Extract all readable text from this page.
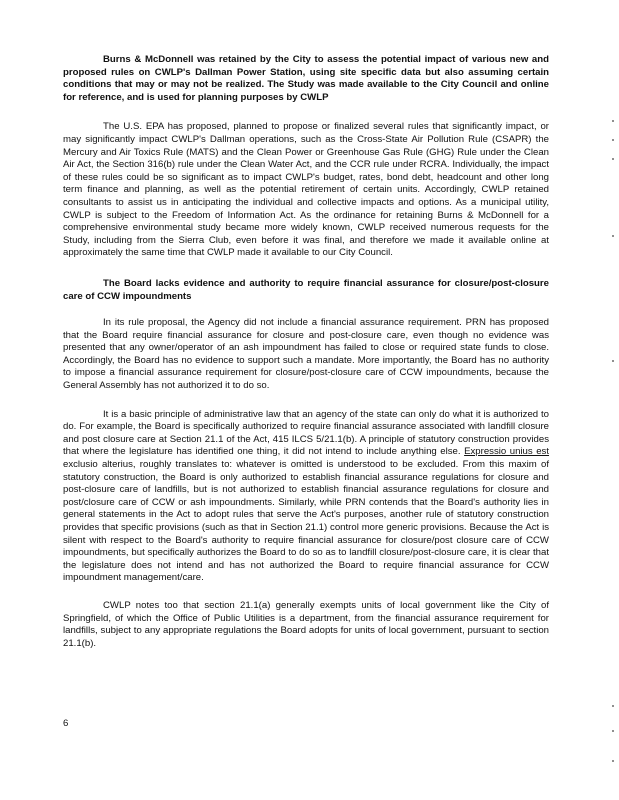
Burns & McDonnell was retained by the City to assess the potential impact of various new and proposed rules on CWLP's Dallman Power Station, using site specific data but also assuming certain conditions that may or may not be realized. The Study was made available to the City Council and online for reference, and is used for planning purposes by CWLP

The U.S. EPA has proposed, planned to propose or finalized several rules that significantly impact, or may significantly impact CWLP's Dallman operations, such as the Cross-State Air Pollution Rule (CSAPR) the Mercury and Air Toxics Rule (MATS) and the Clean Power or Greenhouse Gas Rule (GHG) Rule under the Clean Air Act, the Section 316(b) rule under the Clean Water Act, and the CCR rule under RCRA. Individually, the impact of these rules could be so significant as to impact CWLP's budget, rates, bond debt, headcount and other long term finance and planning, as well as the potential retirement of certain units. Accordingly, CWLP retained consultants to assist us in anticipating the individual and collective impacts and options. As a municipal utility, CWLP is subject to the Freedom of Information Act. As the ordinance for retaining Burns & McDonnell for a comprehensive environmental study became more widely known, CWLP received numerous requests for the Study, including from the Sierra Club, even before it was final, and therefore we made it available online at approximately the same time that CWLP made it available to our City Council.

The Board lacks evidence and authority to require financial assurance for closure/post-closure care of CCW impoundments

In its rule proposal, the Agency did not include a financial assurance requirement. PRN has proposed that the Board require financial assurance for closure and post-closure care, even though no evidence was presented that any owner/operator of an ash impoundment has failed to close or required state funds to close. Accordingly, the Board has no evidence to support such a mandate. More importantly, the Board has no authority to impose a financial assurance requirement for closure/post-closure care of CCW impoundments, because the General Assembly has not authorized it to do so.

It is a basic principle of administrative law that an agency of the state can only do what it is authorized to do. For example, the Board is specifically authorized to require financial assurance associated with landfill closure and post closure care at Section 21.1 of the Act, 415 ILCS 5/21.1(b). A principle of statutory construction provides that where the legislature has identified one thing, it did not intend to include anything else. Expressio unius est exclusio alterius, roughly translates to: whatever is omitted is understood to be excluded. From this maxim of statutory construction, the Board is only authorized to establish financial assurance regulations for closure and post-closure care of landfills, but is not authorized to establish financial assurance regulations for closure and post/closure care of CCW or ash impoundments. Similarly, while PRN contends that the Board's authority lies in general statements in the Act to adopt rules that serve the Act's purposes, another rule of statutory construction provides that specific provisions (such as that in Section 21.1) control more generic provisions. Because the Act is silent with respect to the Board's authority to require financial assurance for closure/post closure care of CCW impoundments, but specifically authorizes the Board to do so as to landfill closure/post-closure care, it is clear that the legislature does not intend and has not authorized the Board to require financial assurance for CCW impoundment management/care.

CWLP notes too that section 21.1(a) generally exempts units of local government like the City of Springfield, of which the Office of Public Utilities is a department, from the financial assurance requirement for landfills, subject to any appropriate regulations the Board adopts for units of local government, pursuant to section 21.1(b).

6
